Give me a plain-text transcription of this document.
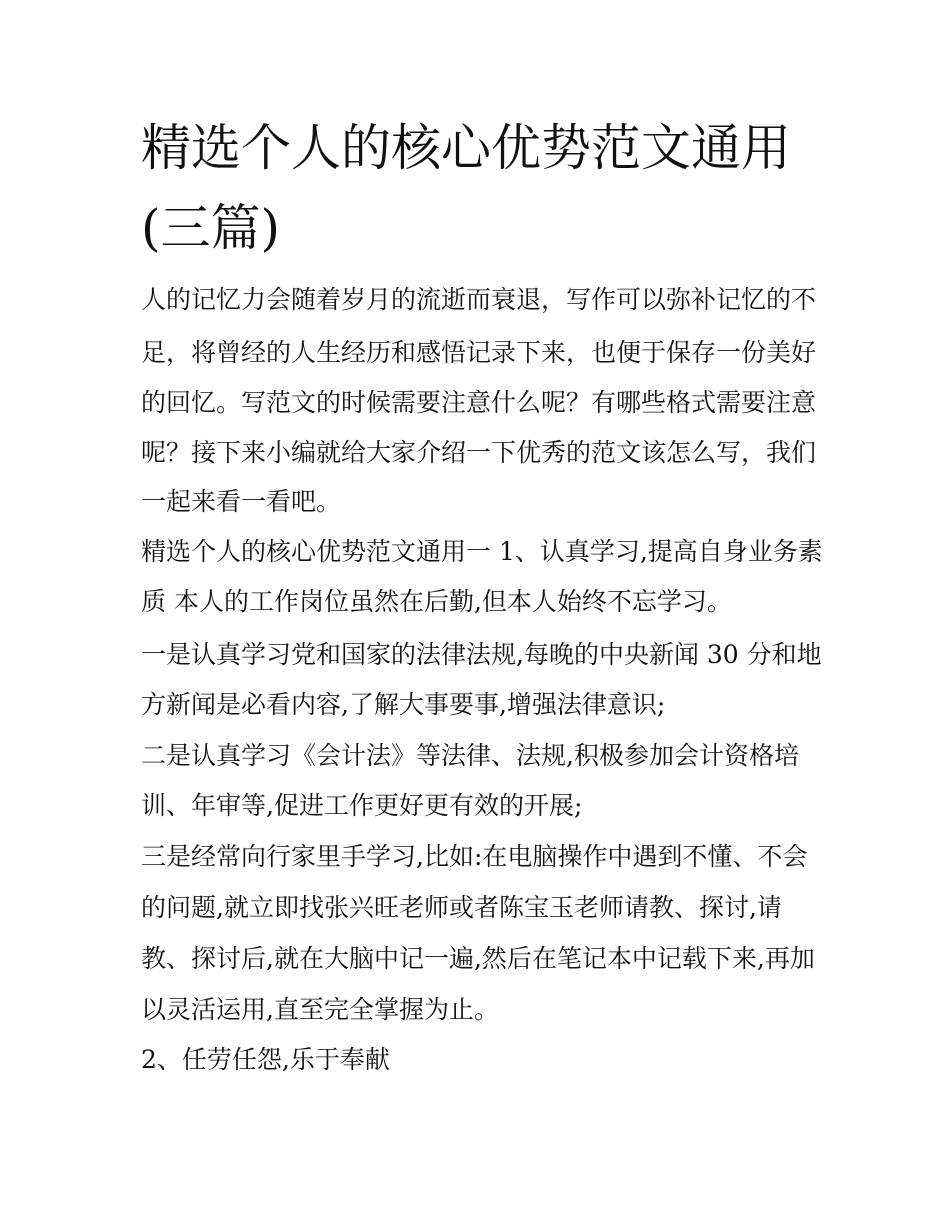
精选个人的核心优势范文通用
(三篇)

人的记忆力会随着岁月的流逝而衰退，写作可以弥补记忆的不

足，将曾经的人生经历和感悟记录下来，也便于保存一份美好

的回忆。写范文的时候需要注意什么呢？有哪些格式需要注意

呢？接下来小编就给大家介绍一下优秀的范文该怎么写，我们

一起来看一看吧。

精选个人的核心优势范文通用一 1、认真学习,提高自身业务素

质 本人的工作岗位虽然在后勤,但本人始终不忘学习。

一是认真学习党和国家的法律法规,每晚的中央新闻 30 分和地

方新闻是必看内容,了解大事要事,增强法律意识;

二是认真学习《会计法》等法律、法规,积极参加会计资格培

训、年审等,促进工作更好更有效的开展;

三是经常向行家里手学习,比如:在电脑操作中遇到不懂、不会

的问题,就立即找张兴旺老师或者陈宝玉老师请教、探讨,请

教、探讨后,就在大脑中记一遍,然后在笔记本中记载下来,再加

以灵活运用,直至完全掌握为止。

2、任劳任怨,乐于奉献
